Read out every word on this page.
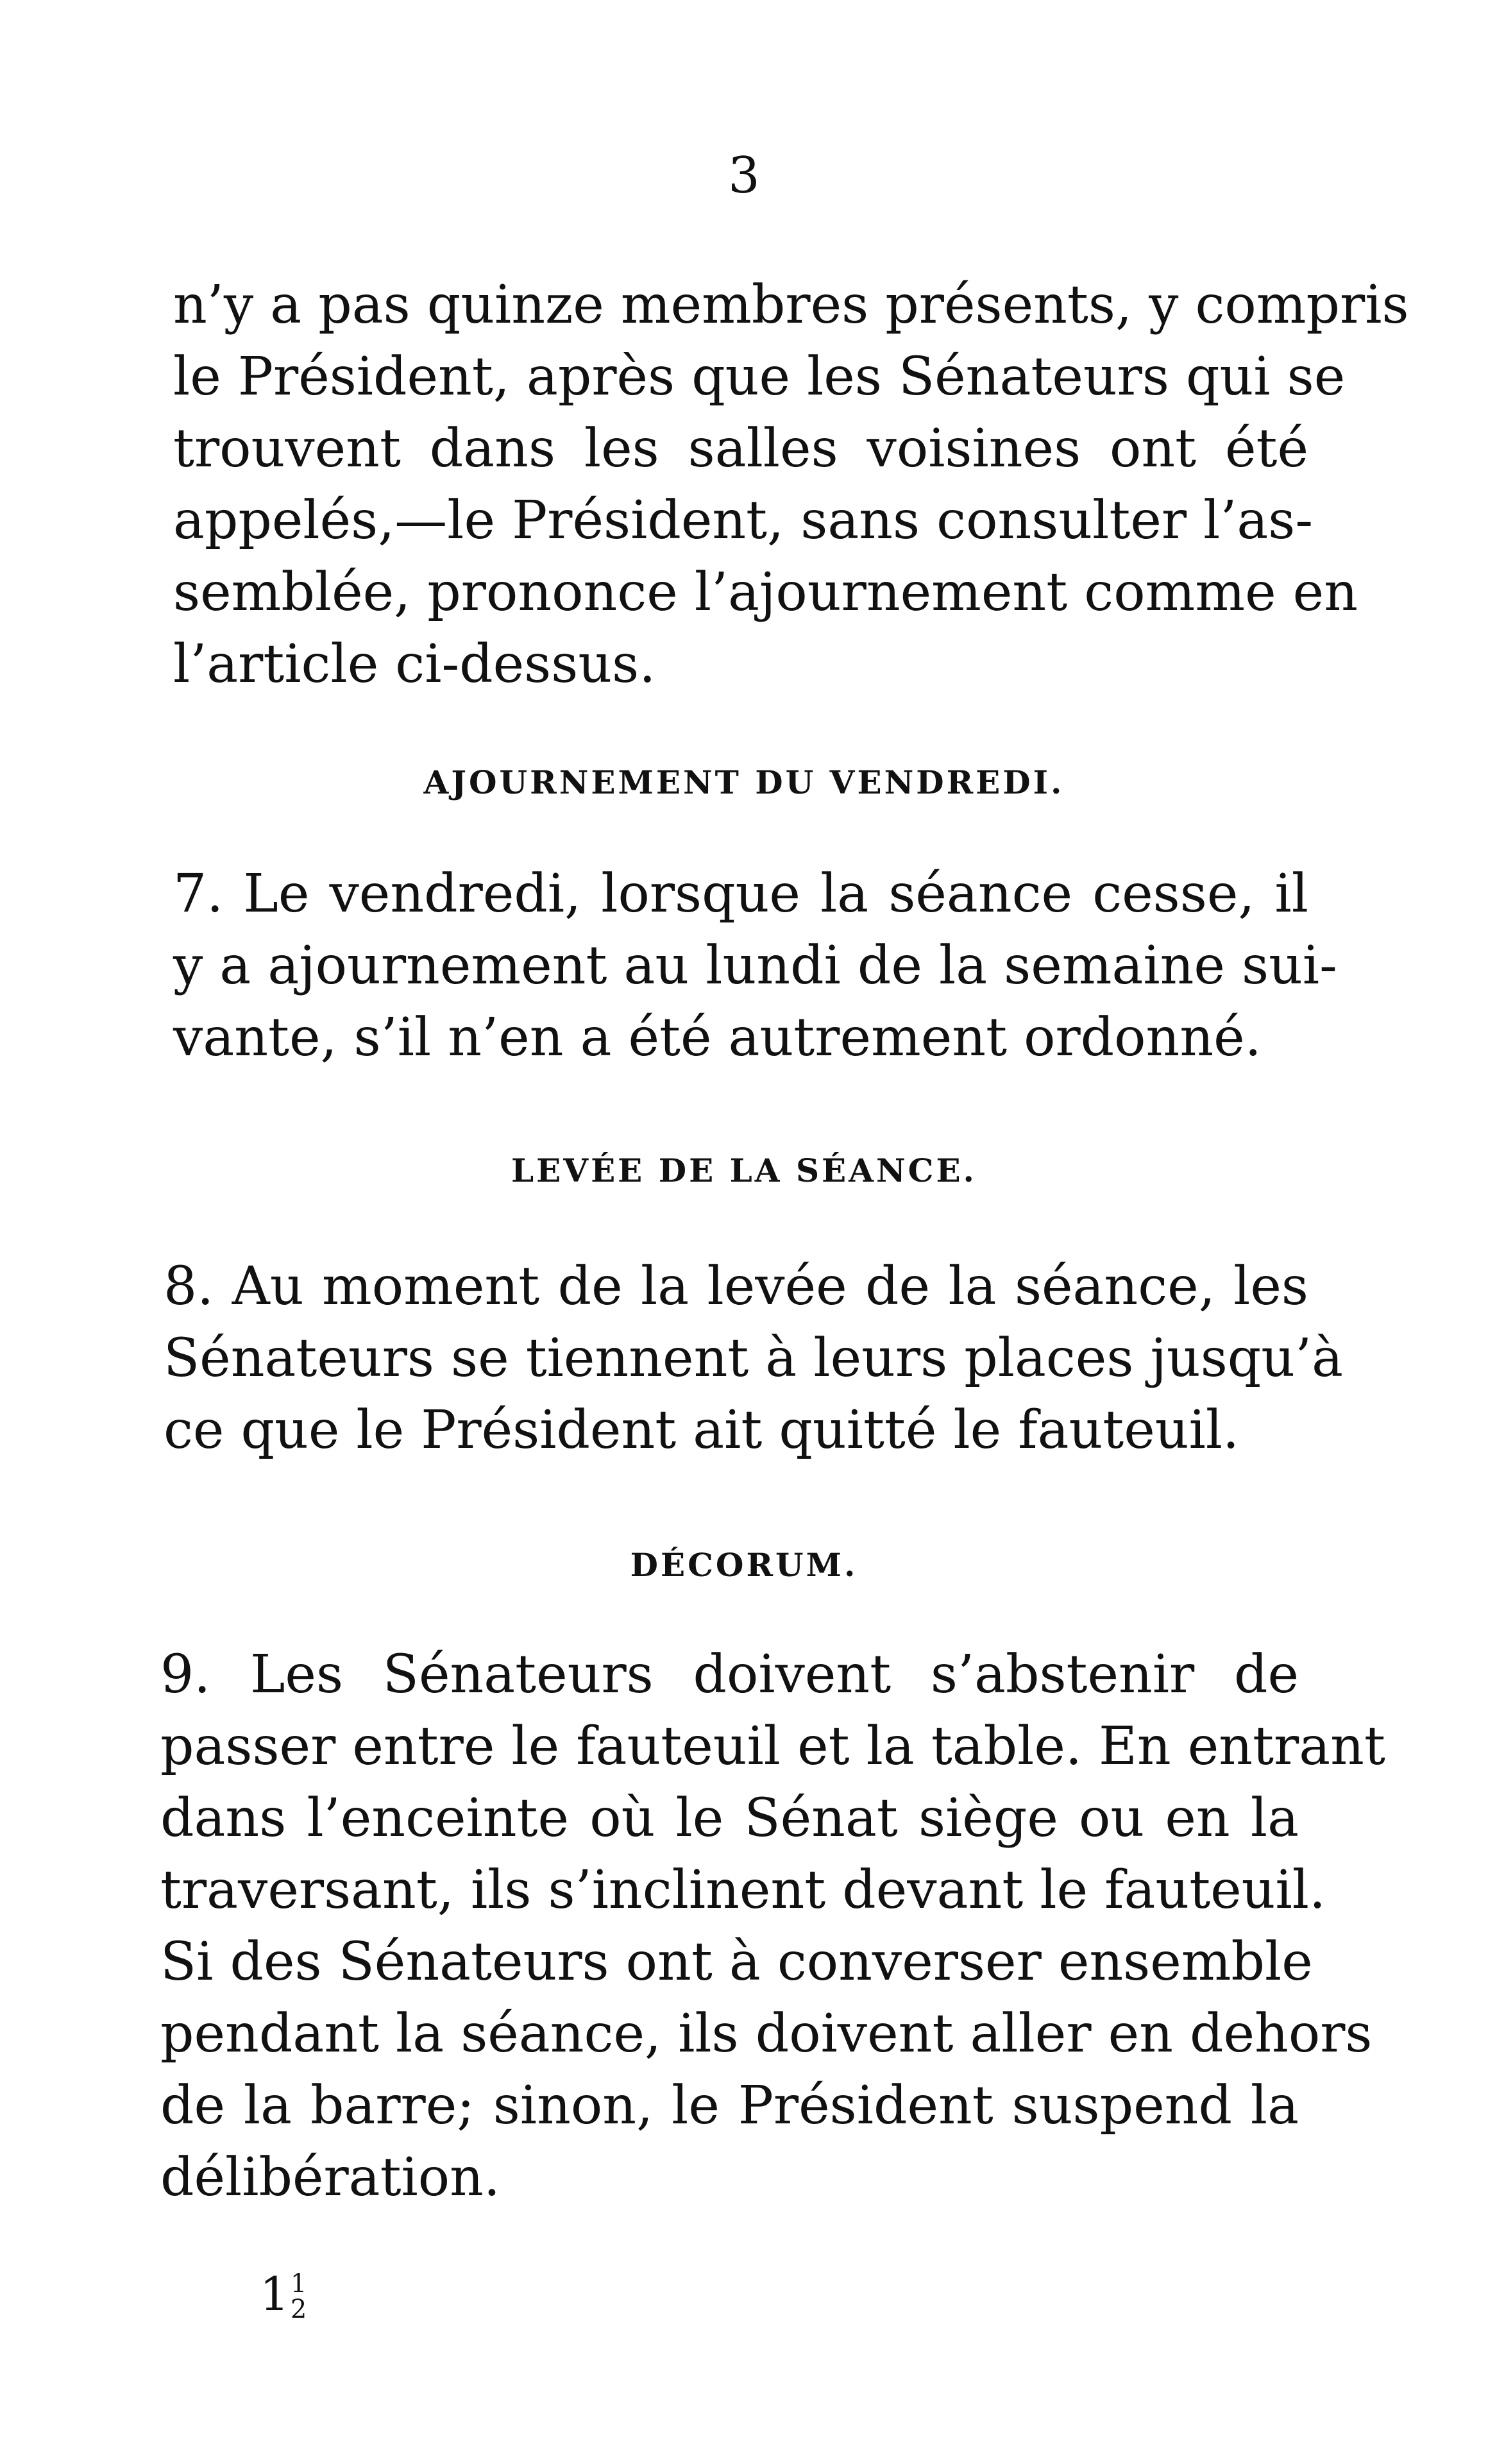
3
n’y a pas quinze membres présents, y compris
le Président, après que les Sénateurs qui se
trouvent dans les salles voisines ont été
appelés,—le Président, sans consulter l’as-
semblée, prononce l’ajournement comme en
l’article ci-dessus.
AJOURNEMENT DU VENDREDI.
7. Le vendredi, lorsque la séance cesse, il
y a ajournement au lundi de la semaine sui-
vante, s’il n’en a été autrement ordonné.
LEVÉE DE LA SÉANCE.
8. Au moment de la levée de la séance, les
Sénateurs se tiennent à leurs places jusqu’à
ce que le Président ait quitté le fauteuil.
DÉCORUM.
9. Les Sénateurs doivent s’abstenir de
passer entre le fauteuil et la table. En entrant
dans l’enceinte où le Sénat siège ou en la
traversant, ils s’inclinent devant le fauteuil.
Si des Sénateurs ont à converser ensemble
pendant la séance, ils doivent aller en dehors
de la barre; sinon, le Président suspend la
délibération.
1 1
2
